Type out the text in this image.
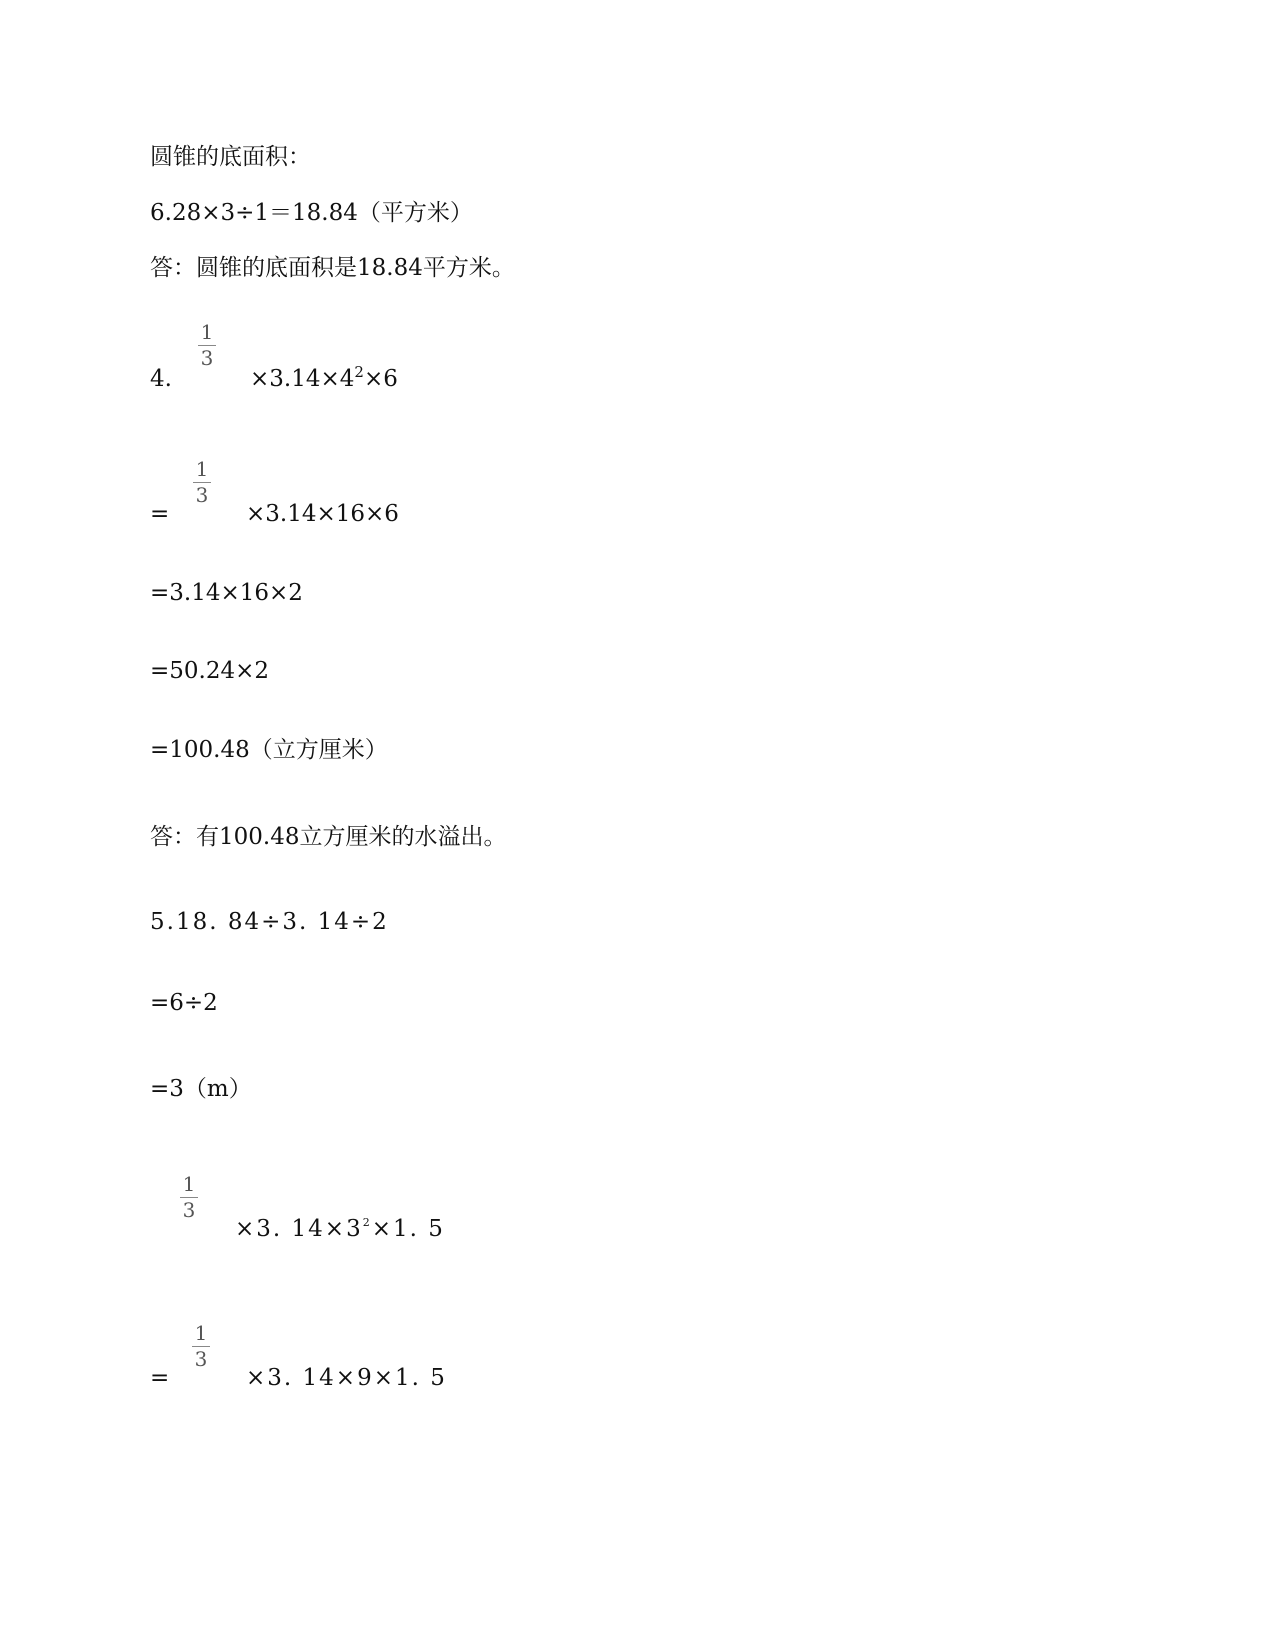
圆锥的底面积：
6.28×3÷1＝18.84（平方米）
答：圆锥的底面积是18.84平方米。
4.
1
3
$\times 3.14\times 4^2\times 6$
=
1
3
×3.14×16×6
=3.14×16×2
=50.24×2
=100.48（立方厘米）
答：有100.48立方厘米的水溢出。
5.18. 84÷3. 14÷2
=6÷2
=3（m）
1
3
×3. $14\times 3^2\times 1$. 5
=
1
3
×3. 14×9×1. 5
